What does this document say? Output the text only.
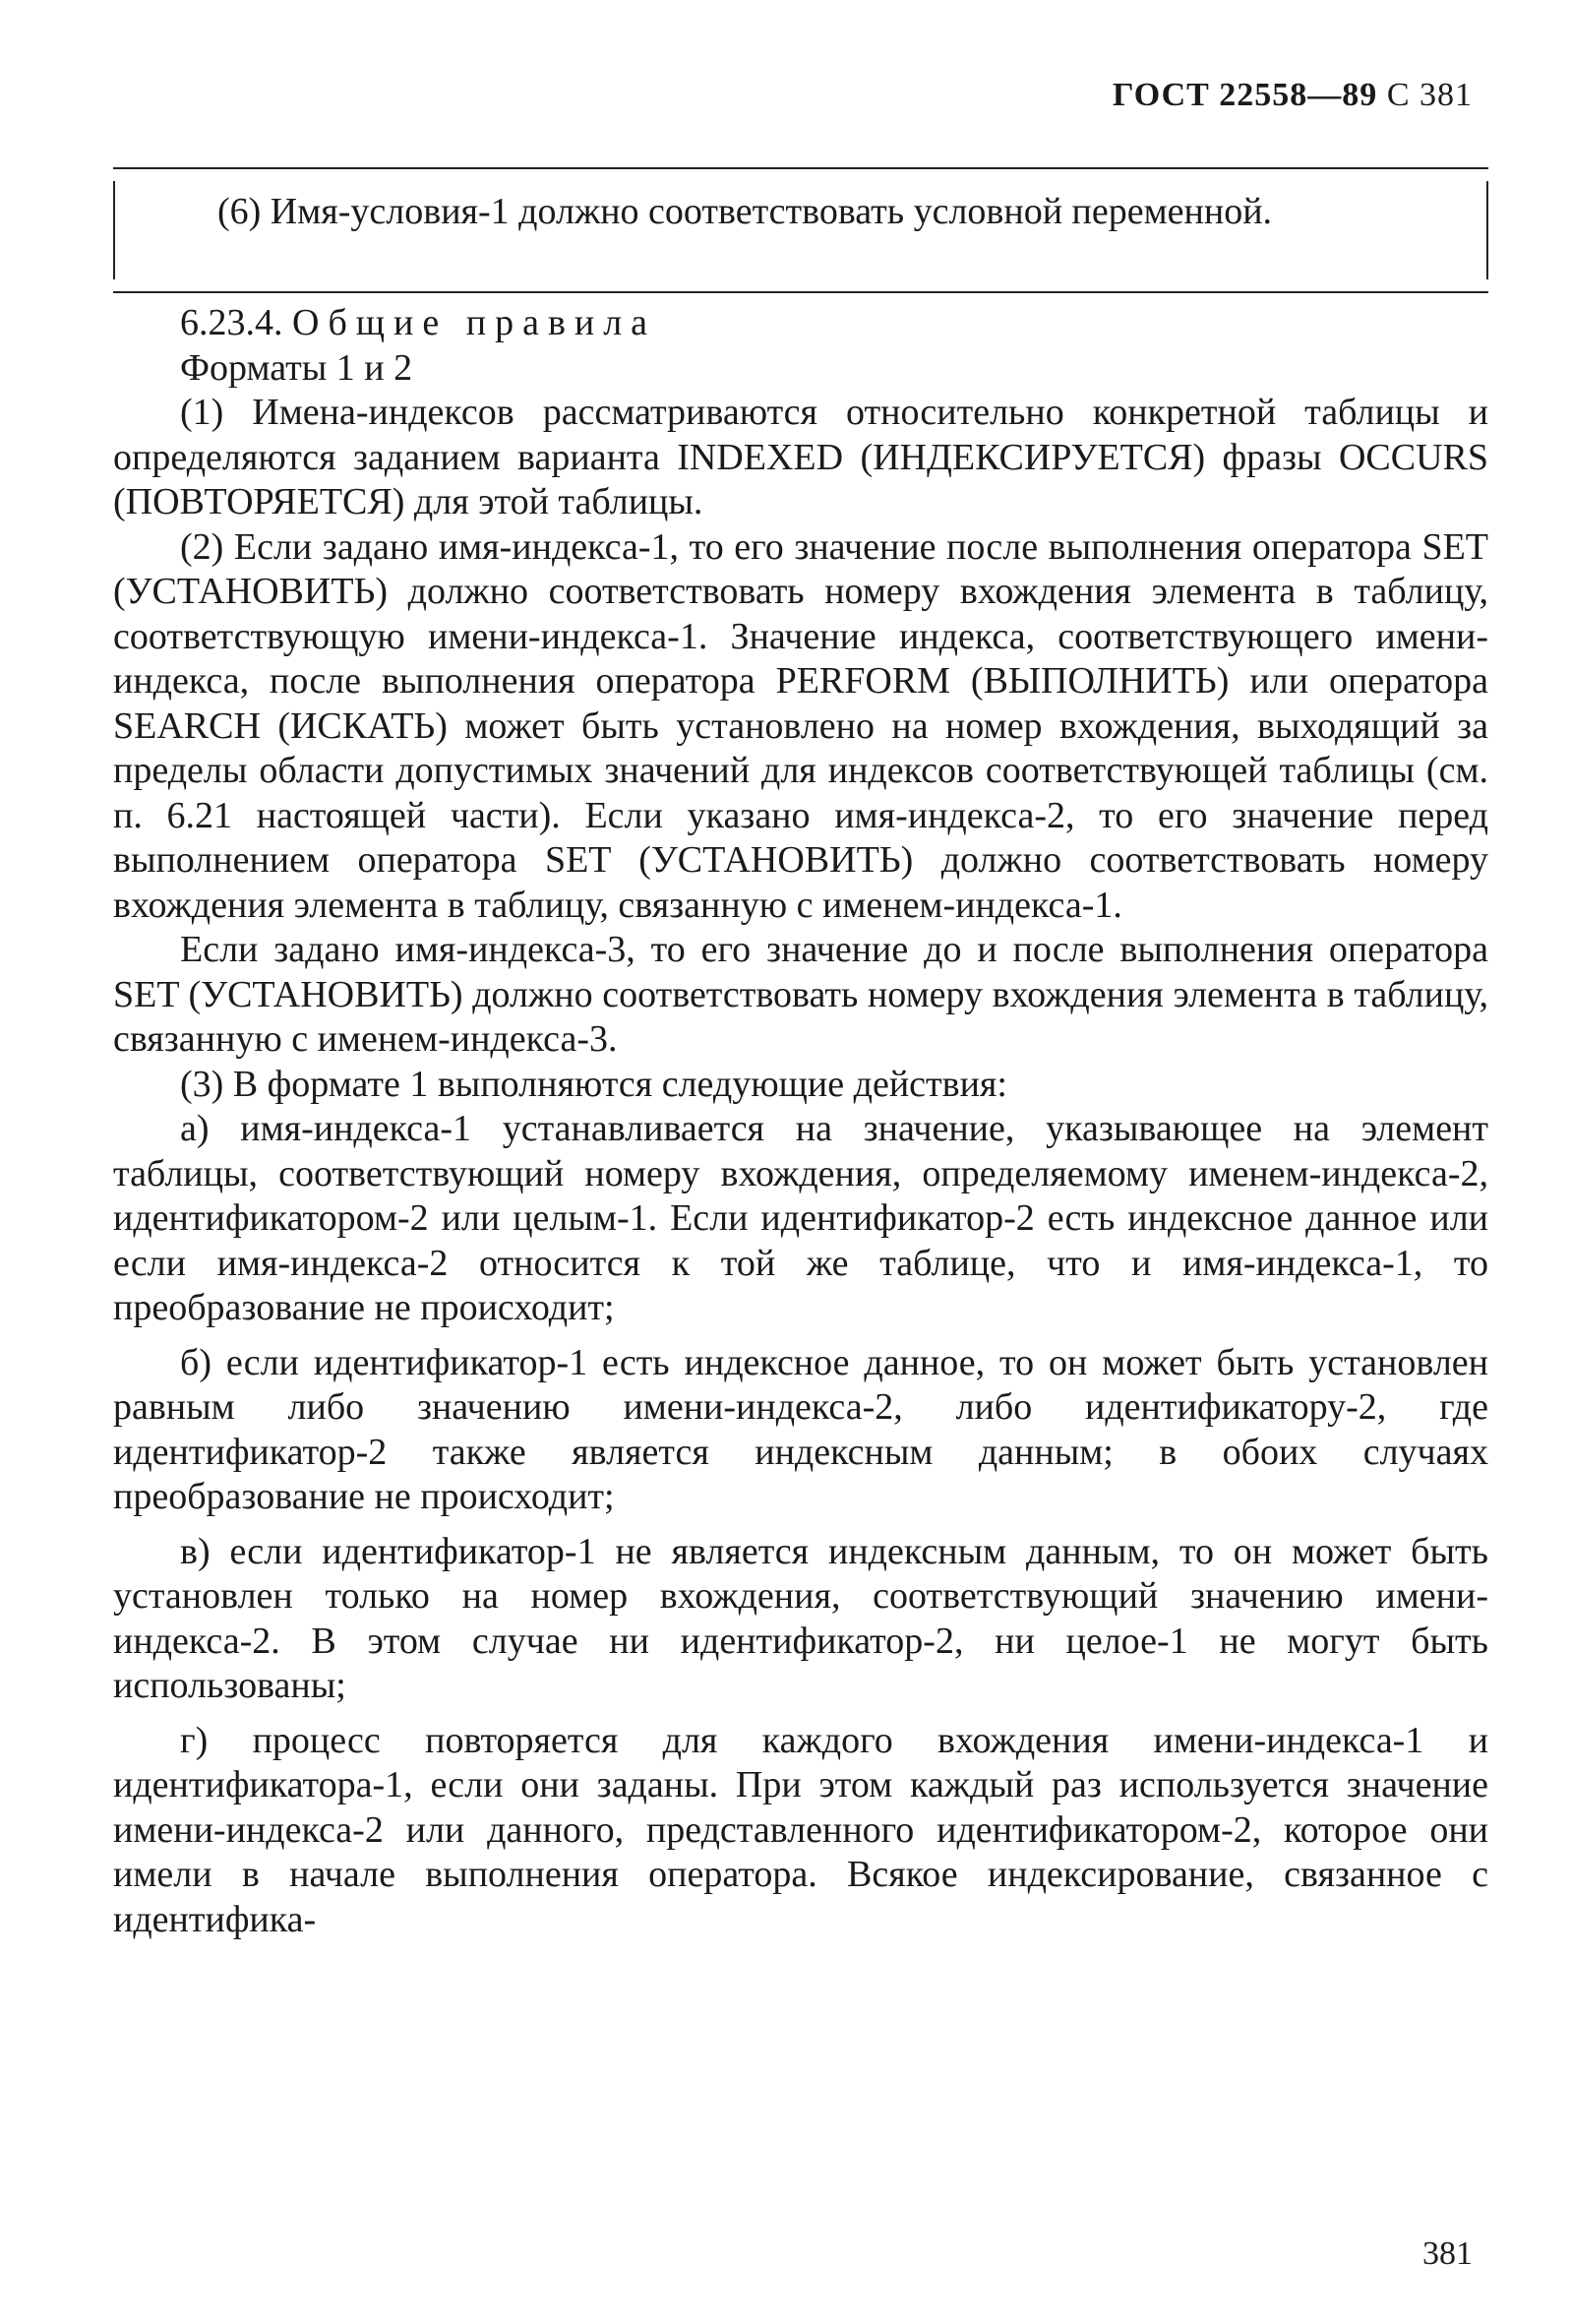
ГОСТ 22558—89 С 381

(6) Имя-условия-1 должно соответствовать условной переменной.

6.23.4. Общие правила

Форматы 1 и 2

(1) Имена-индексов рассматриваются относительно конкретной таблицы и определяются заданием варианта INDEXED (ИНДЕКСИРУЕТСЯ) фразы OCCURS (ПОВТОРЯЕТСЯ) для этой таблицы.

(2) Если задано имя-индекса-1, то его значение после выполнения оператора SET (УСТАНОВИТЬ) должно соответствовать номеру вхождения элемента в таблицу, соответствующую имени-индекса-1. Значение индекса, соответствующего имени-индекса, после выполнения оператора PERFORM (ВЫПОЛНИТЬ) или оператора SEARCH (ИСКАТЬ) может быть установлено на номер вхождения, выходящий за пределы области допустимых значений для индексов соответствующей таблицы (см. п. 6.21 настоящей части). Если указано имя-индекса-2, то его значение перед выполнением оператора SET (УСТАНОВИТЬ) должно соответствовать номеру вхождения элемента в таблицу, связанную с именем-индекса-1.

Если задано имя-индекса-3, то его значение до и после выполнения оператора SET (УСТАНОВИТЬ) должно соответствовать номеру вхождения элемента в таблицу, связанную с именем-индекса-3.

(3) В формате 1 выполняются следующие действия:

а) имя-индекса-1 устанавливается на значение, указывающее на элемент таблицы, соответствующий номеру вхождения, определяемому именем-индекса-2, идентификатором-2 или целым-1. Если идентификатор-2 есть индексное данное или если имя-индекса-2 относится к той же таблице, что и имя-индекса-1, то преобразование не происходит;

б) если идентификатор-1 есть индексное данное, то он может быть установлен равным либо значению имени-индекса-2, либо идентификатору-2, где идентификатор-2 также является индексным данным; в обоих случаях преобразование не происходит;

в) если идентификатор-1 не является индексным данным, то он может быть установлен только на номер вхождения, соответствующий значению имени-индекса-2. В этом случае ни идентификатор-2, ни целое-1 не могут быть использованы;

г) процесс повторяется для каждого вхождения имени-индекса-1 и идентификатора-1, если они заданы. При этом каждый раз используется значение имени-индекса-2 или данного, представленного идентификатором-2, которое они имели в начале выполнения оператора. Всякое индексирование, связанное с идентифика-

381
